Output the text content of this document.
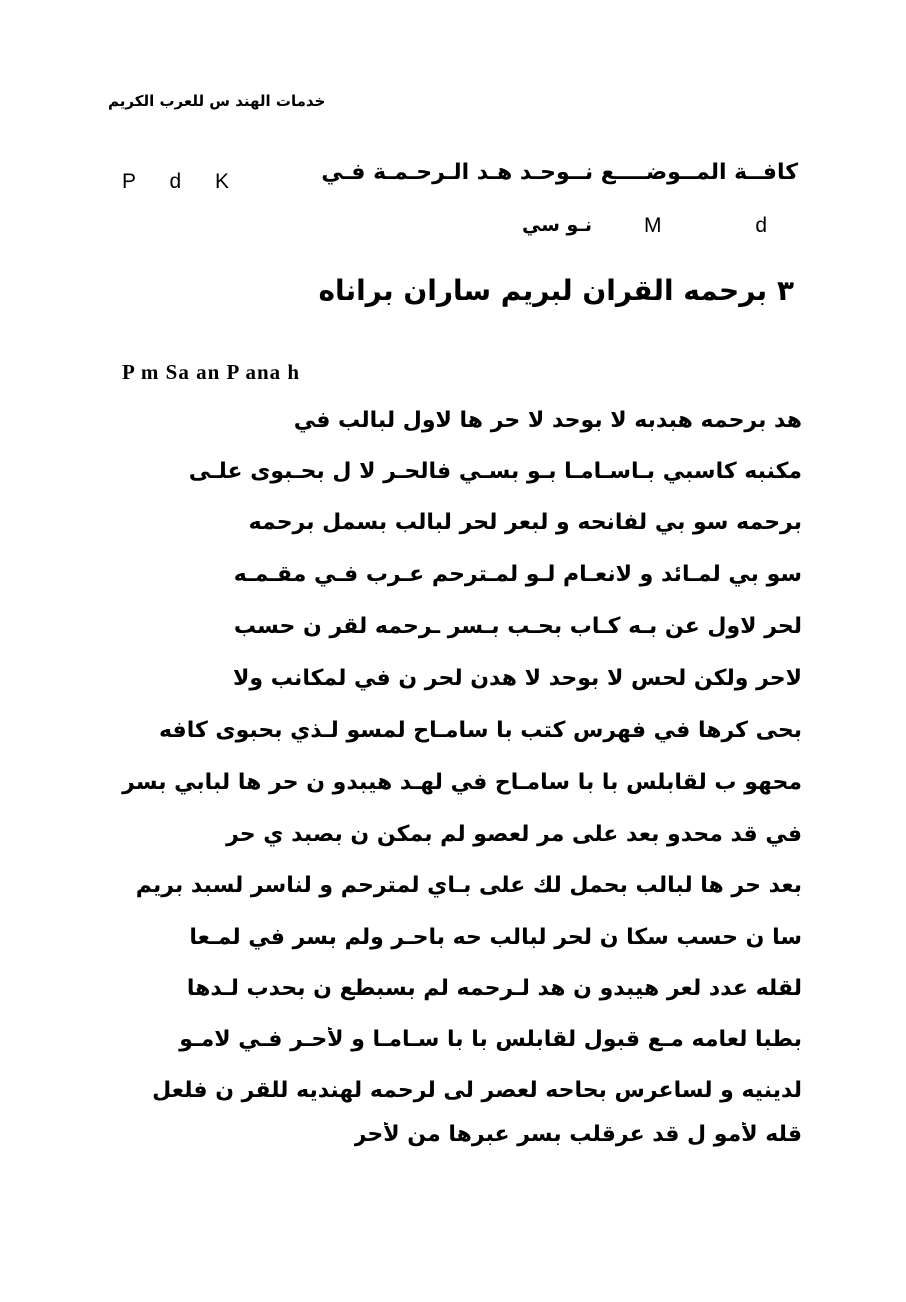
خدمات الهند س للعرب الكريم
كافــة المــوضــــع نــوحـد هـد الـرحـمـة فـي
P d K
نـو سي M	d
٣ برحمه القران لبريم ساران براناه
P m Sa an P ana h
هد برحمه هبدبه لا بوحد لا حر ها لاول لبالب في
مكنبه كاسبي بـاسـامـا بـو بسـي فالحـر لا ل بحـبوى علـى
برحمه سو بي لفانحه و لبعر لحر لبالب بسمل برحمه
سو بي لمـائد و لانعـام لـو لمـترحم عـرب فـي مقـمـه
لحر لاول عن بـه كـاب بحـب بـسر ـرحمه لقر ن حسب
لاحر ولكن لحس لا بوحد لا هدن لحر ن في لمكانب ولا
بحى كرها في فهرس كتب با سامـاح لمسو لـذي بحبوى كافه
محهو ب لقابلس با با سامـاح في لهـد هيبدو ن حر ها لبابي بسر
في قد محدو بعد على مر لعصو لم بمكن ن بصبد ي حر
بعد حر ها لبالب بحمل لك على بـاي لمترحم و لناسر لسبد بريم
سا ن حسب سكا ن لحر لبالب حه باحـر ولم بسر في لمـعا
لقله عدد لعر هيبدو ن هد لـرحمه لم بسبطع ن بحدب لـدها
بطبا لعامه مـع قبول لقابلس با با سـامـا و لأحـر فـي لامـو
لدينيه و لساعرس بحاحه لعصر لى لرحمه لهنديه للقر ن فلعل
قله لأمو ل قد عرقلب بسر عبرها من لأحر
